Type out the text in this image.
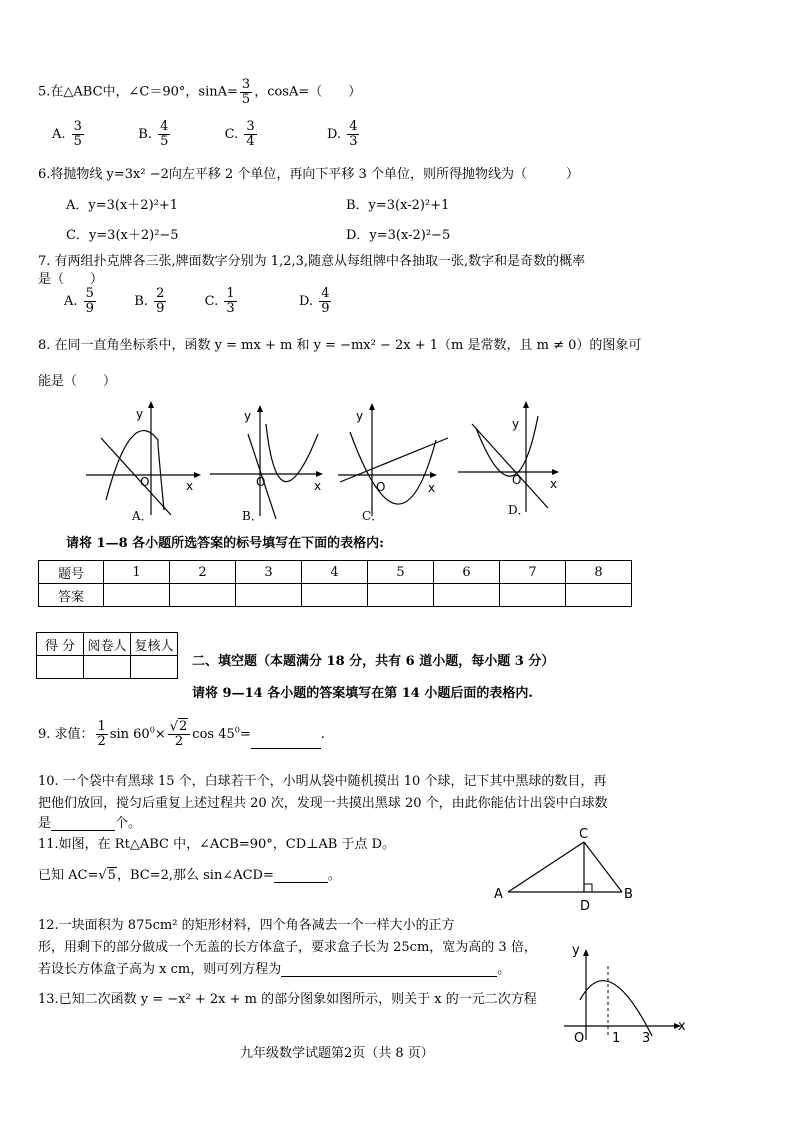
5.在△ABC中，∠C＝90°，$\sin A= \frac{3}{5}$ ，cosA=（　　）
A. $\frac{3}{5}$	B. $\frac{4}{5}$	C. $\frac{3}{4}$	D. $\frac{4}{3}$
6.将抛物线 y=3x² −2向左平移 2 个单位，再向下平移 3 个单位，则所得抛物线为（　　　）
A．y=3(x＋2)²+1	B．y=3(x-2)²+1
C．y=3(x＋2)²−5	D．y=3(x-2)²−5
7. 有两组扑克牌各三张,牌面数字分别为 1,2,3,随意从每组牌中各抽取一张,数字和是奇数的概率
是（　　）
A. $\frac{5}{9}$	B. $\frac{2}{9}$	C. $\frac{1}{3}$	D. $\frac{4}{9}$
8. 在同一直角坐标系中，函数 y = mx + m 和 y = −mx² − 2x + 1（m 是常数，且 m ≠ 0）的图象可
能是（　　）
y
x
O
A．
y
x
O
B．
y
x
O
C．
y
x
O
D．
请将 1—8 各小题所选答案的标号填写在下面的表格内:
题号	1	2	3	4	5	6	7	8
答案								
得 分	阅卷人	复核人

二、填空题（本题满分 18 分，共有 6 道小题，每小题 3 分）
请将 9—14 各小题的答案填写在第 14 小题后面的表格内.
9. 求值： $\frac{1}{2}$ $\sin 60^0\times \frac{√2}{2}$ $\cos 45^0=$	.
10. 一个袋中有黑球 15 个，白球若干个，小明从袋中随机摸出 10 个球，记下其中黑球的数目，再
把他们放回，搅匀后重复上述过程共 20 次，发现一共摸出黑球 20 个，由此你能估计出袋中白球数
是	个。
11.如图，在 Rt△ABC 中，∠ACB=90°，CD⊥AB 于点 D。
已知 AC=√5，BC=2,那么 sin∠ACD=	。
A	B
C
D
12.一块面积为 875cm² 的矩形材料，四个角各减去一个一样大小的正方
形，用剩下的部分做成一个无盖的长方体盒子，要求盒子长为 25cm，宽为高的 3 倍，
若设长方体盒子高为 x cm，则可列方程为	。
13.已知二次函数 y = −x² + 2x + m 的部分图象如图所示，则关于 x 的一元二次方程
y
x
O 1 3
九年级数学试题第2页（共 8 页）
